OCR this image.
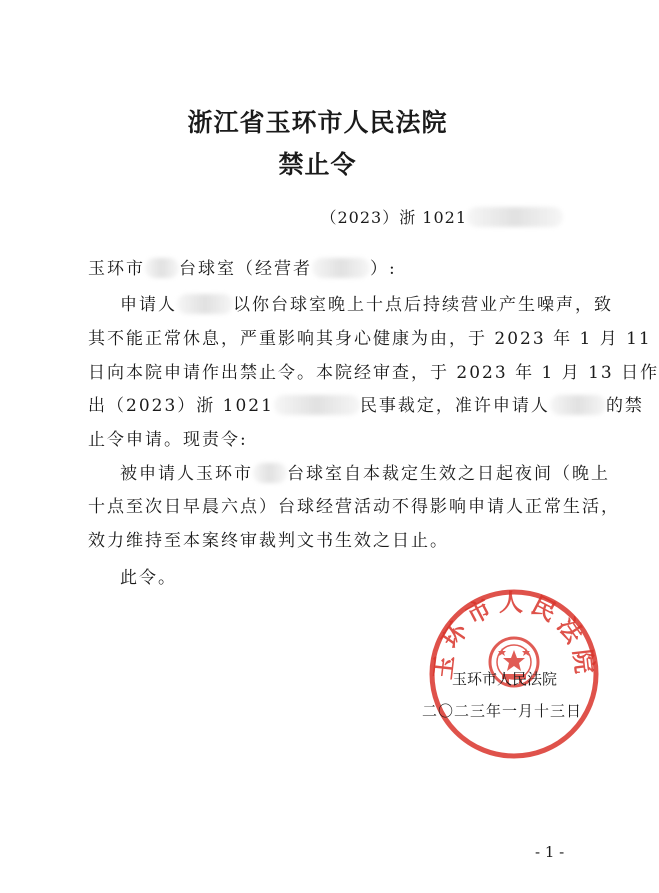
浙江省玉环市人民法院
禁止令
（2023）浙 1021
玉环市 台球室（经营者	）:
申请人	以你台球室晚上十点后持续营业产生噪声，致
其不能正常休息，严重影响其身心健康为由，于 2023 年 1 月 11
日向本院申请作出禁止令。本院经审查，于 2023 年 1 月 13 日作
出（2023）浙 1021	民事裁定，准许申请人	的禁
止令申请。现责令:
被申请人玉环市 台球室自本裁定生效之日起夜间（晚上
十点至次日早晨六点）台球经营活动不得影响申请人正常生活，
效力维持至本案终审裁判文书生效之日止。
此令。
玉环市人民法院
玉环市人民法院
二〇二三年一月十三日
- 1 -
